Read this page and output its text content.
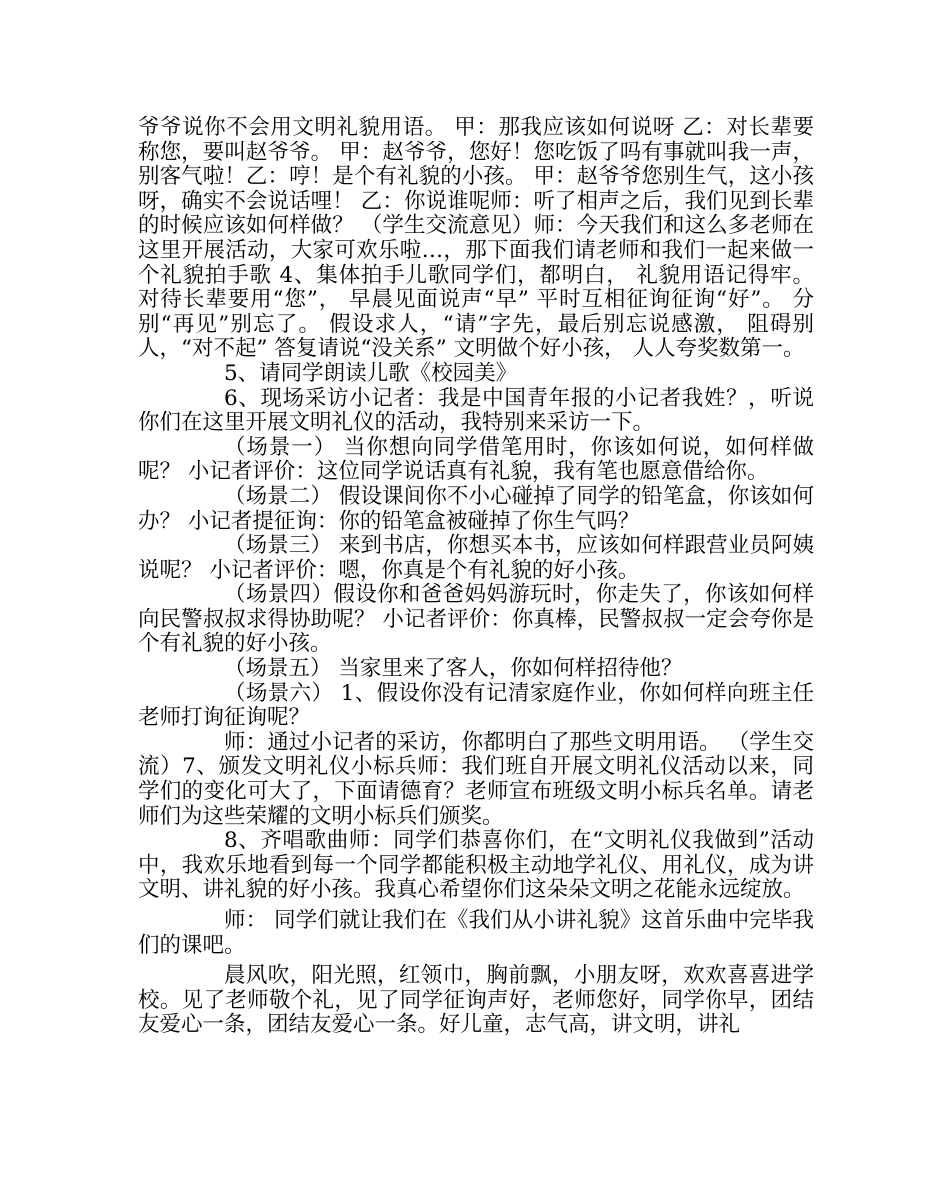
爷爷说你不会用文明礼貌用语。 甲：那我应该如何说呀 乙：对长辈要称您，要叫赵爷爷。 甲：赵爷爷，您好！您吃饭了吗有事就叫我一声，别客气啦！乙：哼！是个有礼貌的小孩。 甲：赵爷爷您别生气，这小孩呀，确实不会说话哩！ 乙：你说谁呢师：听了相声之后，我们见到长辈的时候应该如何样做？ （学生交流意见）师：今天我们和这么多老师在这里开展活动，大家可欢乐啦…，那下面我们请老师和我们一起来做一个礼貌拍手歌 4、集体拍手儿歌同学们，都明白， 礼貌用语记得牢。 对待长辈要用“您”， 早晨见面说声“早” 平时互相征询征询“好”。 分别“再见”别忘了。 假设求人，“请”字先，最后别忘说感激， 阻碍别人，“对不起” 答复请说“没关系” 文明做个好小孩， 人人夸奖数第一。

5、请同学朗读儿歌《校园美》

6、现场采访小记者：我是中国青年报的小记者我姓？，听说你们在这里开展文明礼仪的活动，我特别来采访一下。

（场景一） 当你想向同学借笔用时，你该如何说，如何样做呢？ 小记者评价：这位同学说话真有礼貌，我有笔也愿意借给你。

（场景二） 假设课间你不小心碰掉了同学的铅笔盒，你该如何办？ 小记者提征询：你的铅笔盒被碰掉了你生气吗？

（场景三） 来到书店，你想买本书，应该如何样跟营业员阿姨说呢？ 小记者评价：嗯，你真是个有礼貌的好小孩。

（场景四）假设你和爸爸妈妈游玩时，你走失了，你该如何样向民警叔叔求得协助呢？ 小记者评价：你真棒，民警叔叔一定会夸你是个有礼貌的好小孩。

（场景五） 当家里来了客人，你如何样招待他？

（场景六） 1、假设你没有记清家庭作业，你如何样向班主任老师打询征询呢？

师：通过小记者的采访，你都明白了那些文明用语。 （学生交流）7、颁发文明礼仪小标兵师：我们班自开展文明礼仪活动以来，同学们的变化可大了，下面请德育？老师宣布班级文明小标兵名单。请老师们为这些荣耀的文明小标兵们颁奖。

8、齐唱歌曲师：同学们恭喜你们，在“文明礼仪我做到”活动中，我欢乐地看到每一个同学都能积极主动地学礼仪、用礼仪，成为讲文明、讲礼貌的好小孩。我真心希望你们这朵朵文明之花能永远绽放。

师： 同学们就让我们在《我们从小讲礼貌》这首乐曲中完毕我们的课吧。

晨风吹，阳光照，红领巾，胸前飘，小朋友呀，欢欢喜喜进学校。见了老师敬个礼，见了同学征询声好，老师您好，同学你早，团结友爱心一条，团结友爱心一条。好儿童，志气高，讲文明，讲礼
